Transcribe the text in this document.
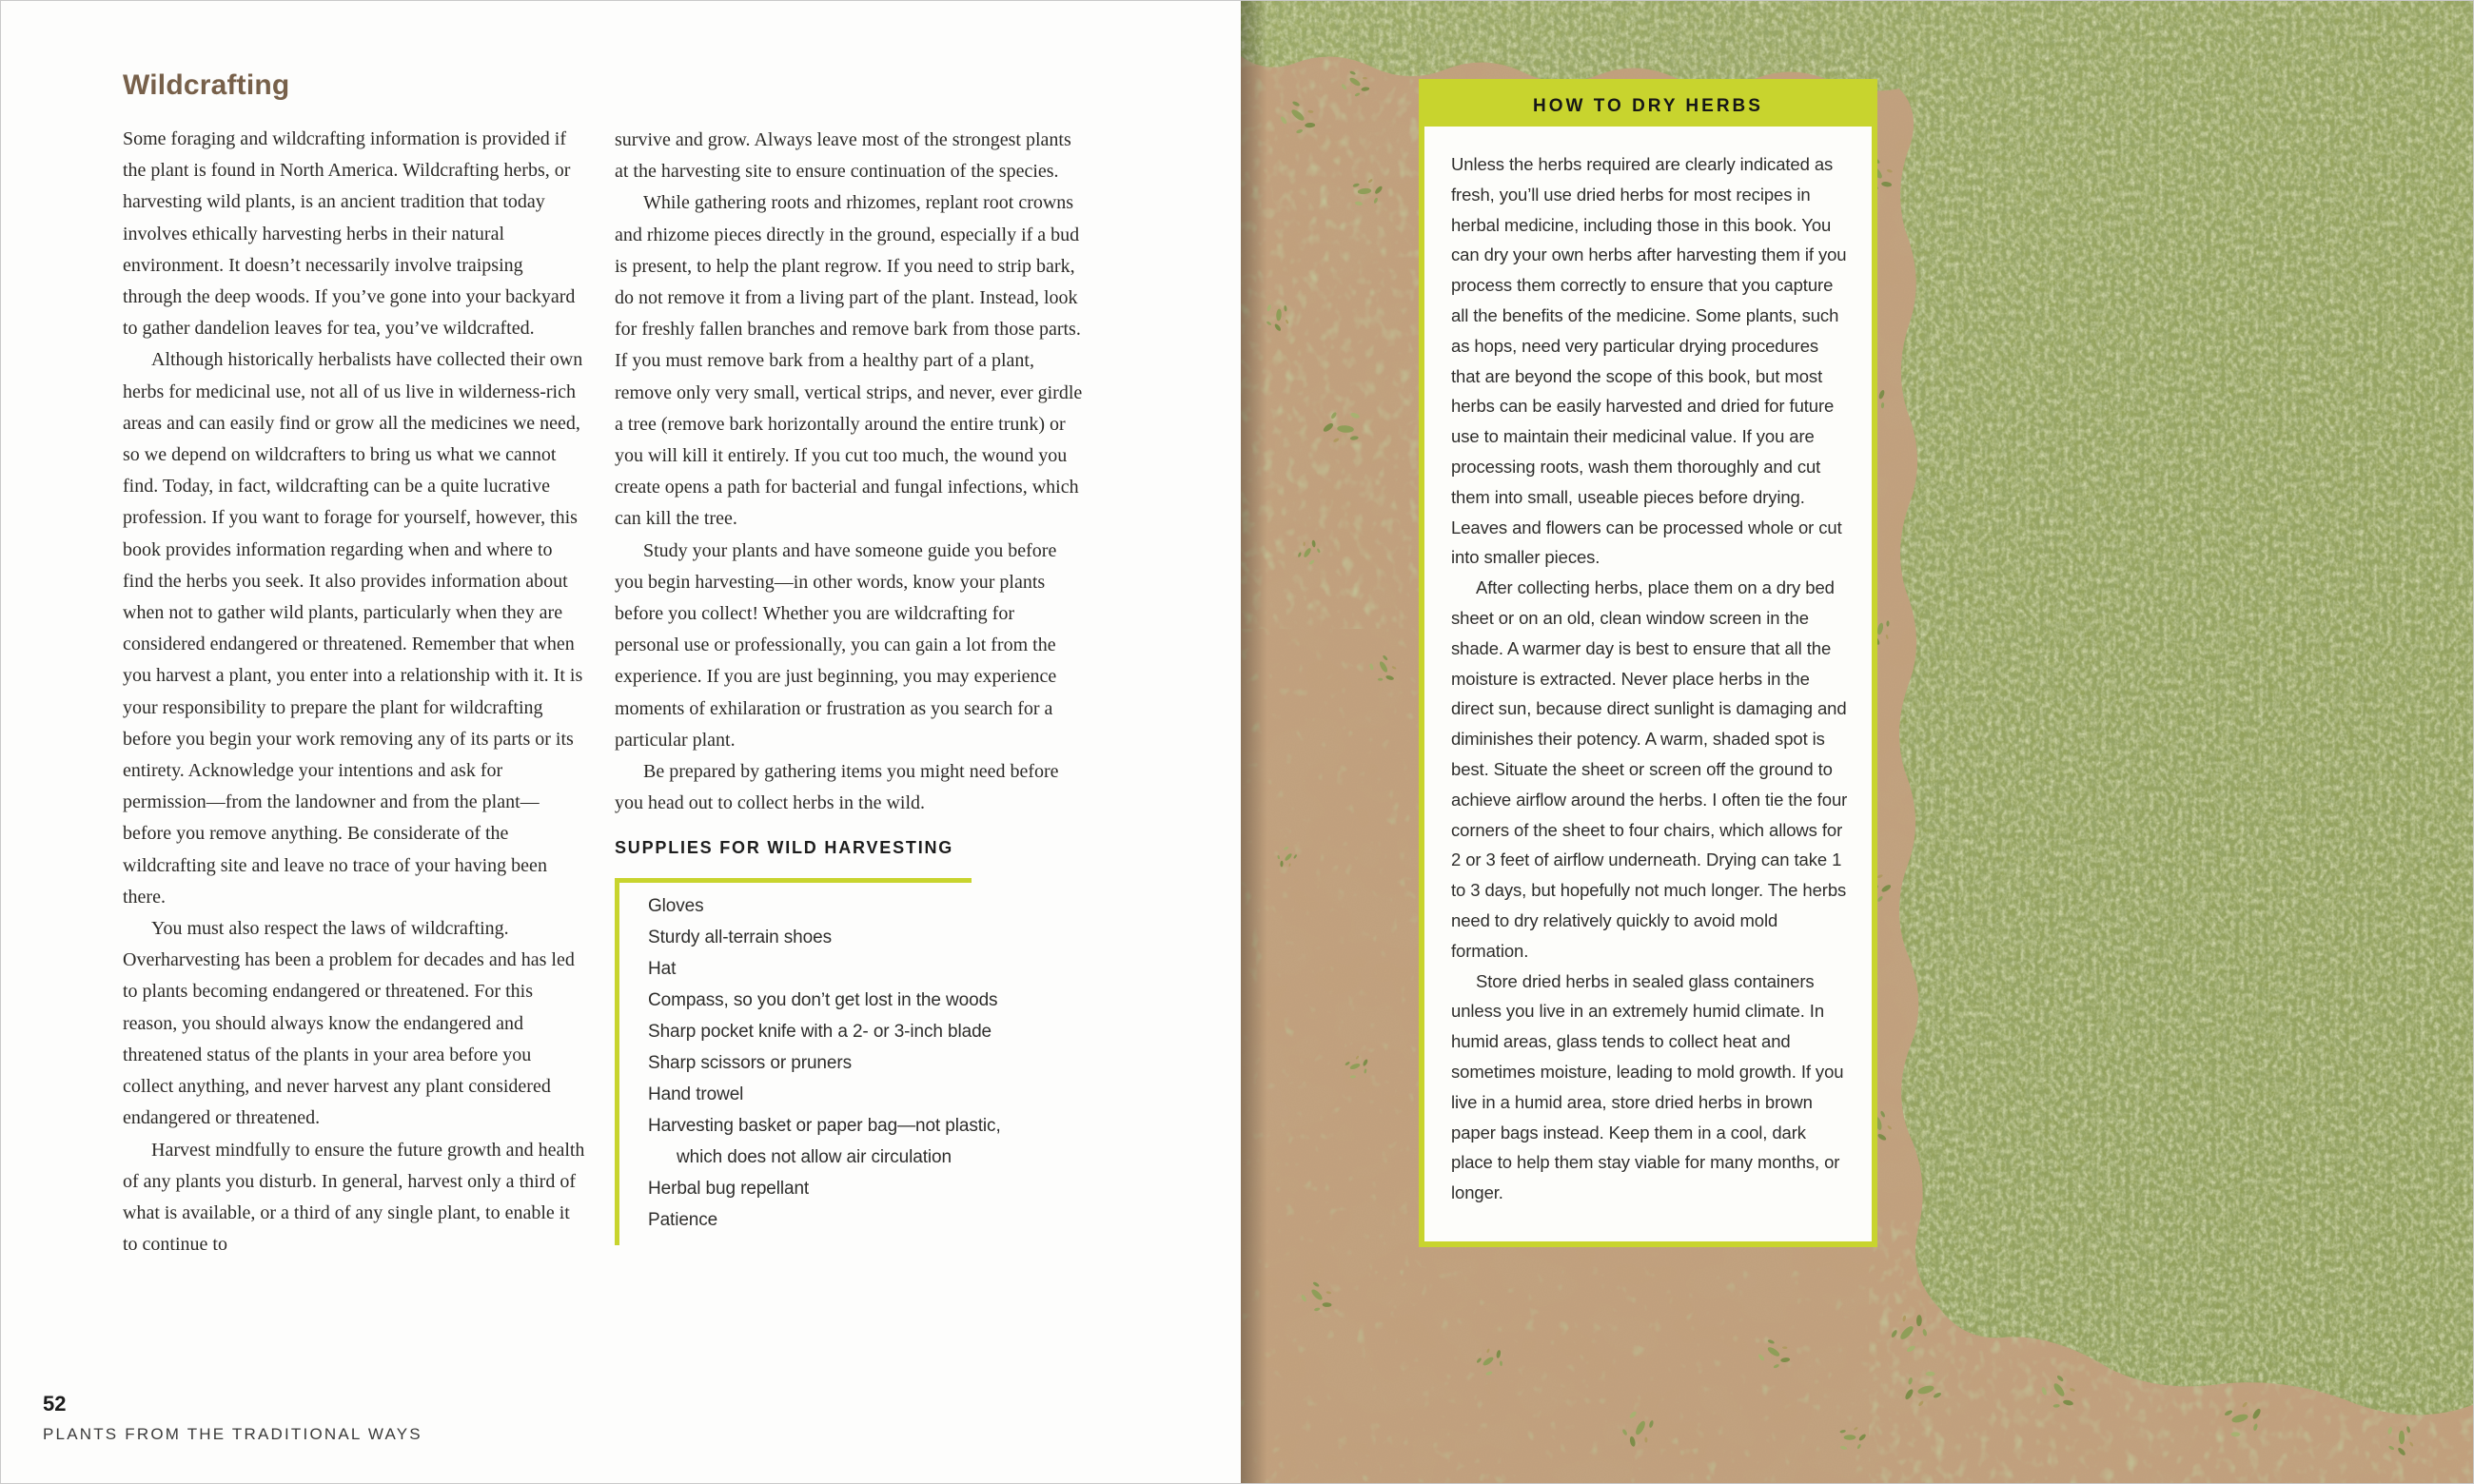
Wildcrafting

Some foraging and wildcrafting information is provided if the plant is found in North America. Wildcrafting herbs, or harvesting wild plants, is an ancient tradition that today involves ethically harvesting herbs in their natural environment. It doesn’t necessarily involve traipsing through the deep woods. If you’ve gone into your backyard to gather dandelion leaves for tea, you’ve wildcrafted.

Although historically herbalists have collected their own herbs for medicinal use, not all of us live in wilderness-rich areas and can easily find or grow all the medicines we need, so we depend on wildcrafters to bring us what we cannot find. Today, in fact, wildcrafting can be a quite lucrative profession. If you want to forage for yourself, however, this book provides information regarding when and where to find the herbs you seek. It also provides information about when not to gather wild plants, particularly when they are considered endangered or threatened. Remember that when you harvest a plant, you enter into a relationship with it. It is your responsibility to prepare the plant for wildcrafting before you begin your work removing any of its parts or its entirety. Acknowledge your intentions and ask for permission—from the landowner and from the plant—before you remove anything. Be considerate of the wildcrafting site and leave no trace of your having been there.

You must also respect the laws of wildcrafting. Overharvesting has been a problem for decades and has led to plants becoming endangered or threatened. For this reason, you should always know the endangered and threatened status of the plants in your area before you collect anything, and never harvest any plant considered endangered or threatened.

Harvest mindfully to ensure the future growth and health of any plants you disturb. In general, harvest only a third of what is available, or a third of any single plant, to enable it to continue to

survive and grow. Always leave most of the strongest plants at the harvesting site to ensure continuation of the species.

While gathering roots and rhizomes, replant root crowns and rhizome pieces directly in the ground, especially if a bud is present, to help the plant regrow. If you need to strip bark, do not remove it from a living part of the plant. Instead, look for freshly fallen branches and remove bark from those parts. If you must remove bark from a healthy part of a plant, remove only very small, vertical strips, and never, ever girdle a tree (remove bark horizontally around the entire trunk) or you will kill it entirely. If you cut too much, the wound you create opens a path for bacterial and fungal infections, which can kill the tree.

Study your plants and have someone guide you before you begin harvesting—in other words, know your plants before you collect! Whether you are wildcrafting for personal use or professionally, you can gain a lot from the experience. If you are just beginning, you may experience moments of exhilaration or frustration as you search for a particular plant.

Be prepared by gathering items you might need before you head out to collect herbs in the wild.

SUPPLIES FOR WILD HARVESTING
Gloves
Sturdy all-terrain shoes
Hat
Compass, so you don’t get lost in the woods
Sharp pocket knife with a 2- or 3-inch blade
Sharp scissors or pruners
Hand trowel
Harvesting basket or paper bag—not plastic,
which does not allow air circulation
Herbal bug repellant
Patience
52
PLANTS FROM THE TRADITIONAL WAYS
HOW TO DRY HERBS

Unless the herbs required are clearly indicated as fresh, you’ll use dried herbs for most recipes in herbal medicine, including those in this book. You can dry your own herbs after harvesting them if you process them correctly to ensure that you capture all the benefits of the medicine. Some plants, such as hops, need very particular drying procedures that are beyond the scope of this book, but most herbs can be easily harvested and dried for future use to maintain their medicinal value. If you are processing roots, wash them thoroughly and cut them into small, useable pieces before drying. Leaves and flowers can be processed whole or cut into smaller pieces.

After collecting herbs, place them on a dry bed sheet or on an old, clean window screen in the shade. A warmer day is best to ensure that all the moisture is extracted. Never place herbs in the direct sun, because direct sunlight is damaging and diminishes their potency. A warm, shaded spot is best. Situate the sheet or screen off the ground to achieve airflow around the herbs. I often tie the four corners of the sheet to four chairs, which allows for 2 or 3 feet of airflow underneath. Drying can take 1 to 3 days, but hopefully not much longer. The herbs need to dry relatively quickly to avoid mold formation.

Store dried herbs in sealed glass containers unless you live in an extremely humid climate. In humid areas, glass tends to collect heat and sometimes moisture, leading to mold growth. If you live in a humid area, store dried herbs in brown paper bags instead. Keep them in a cool, dark place to help them stay viable for many months, or longer.
